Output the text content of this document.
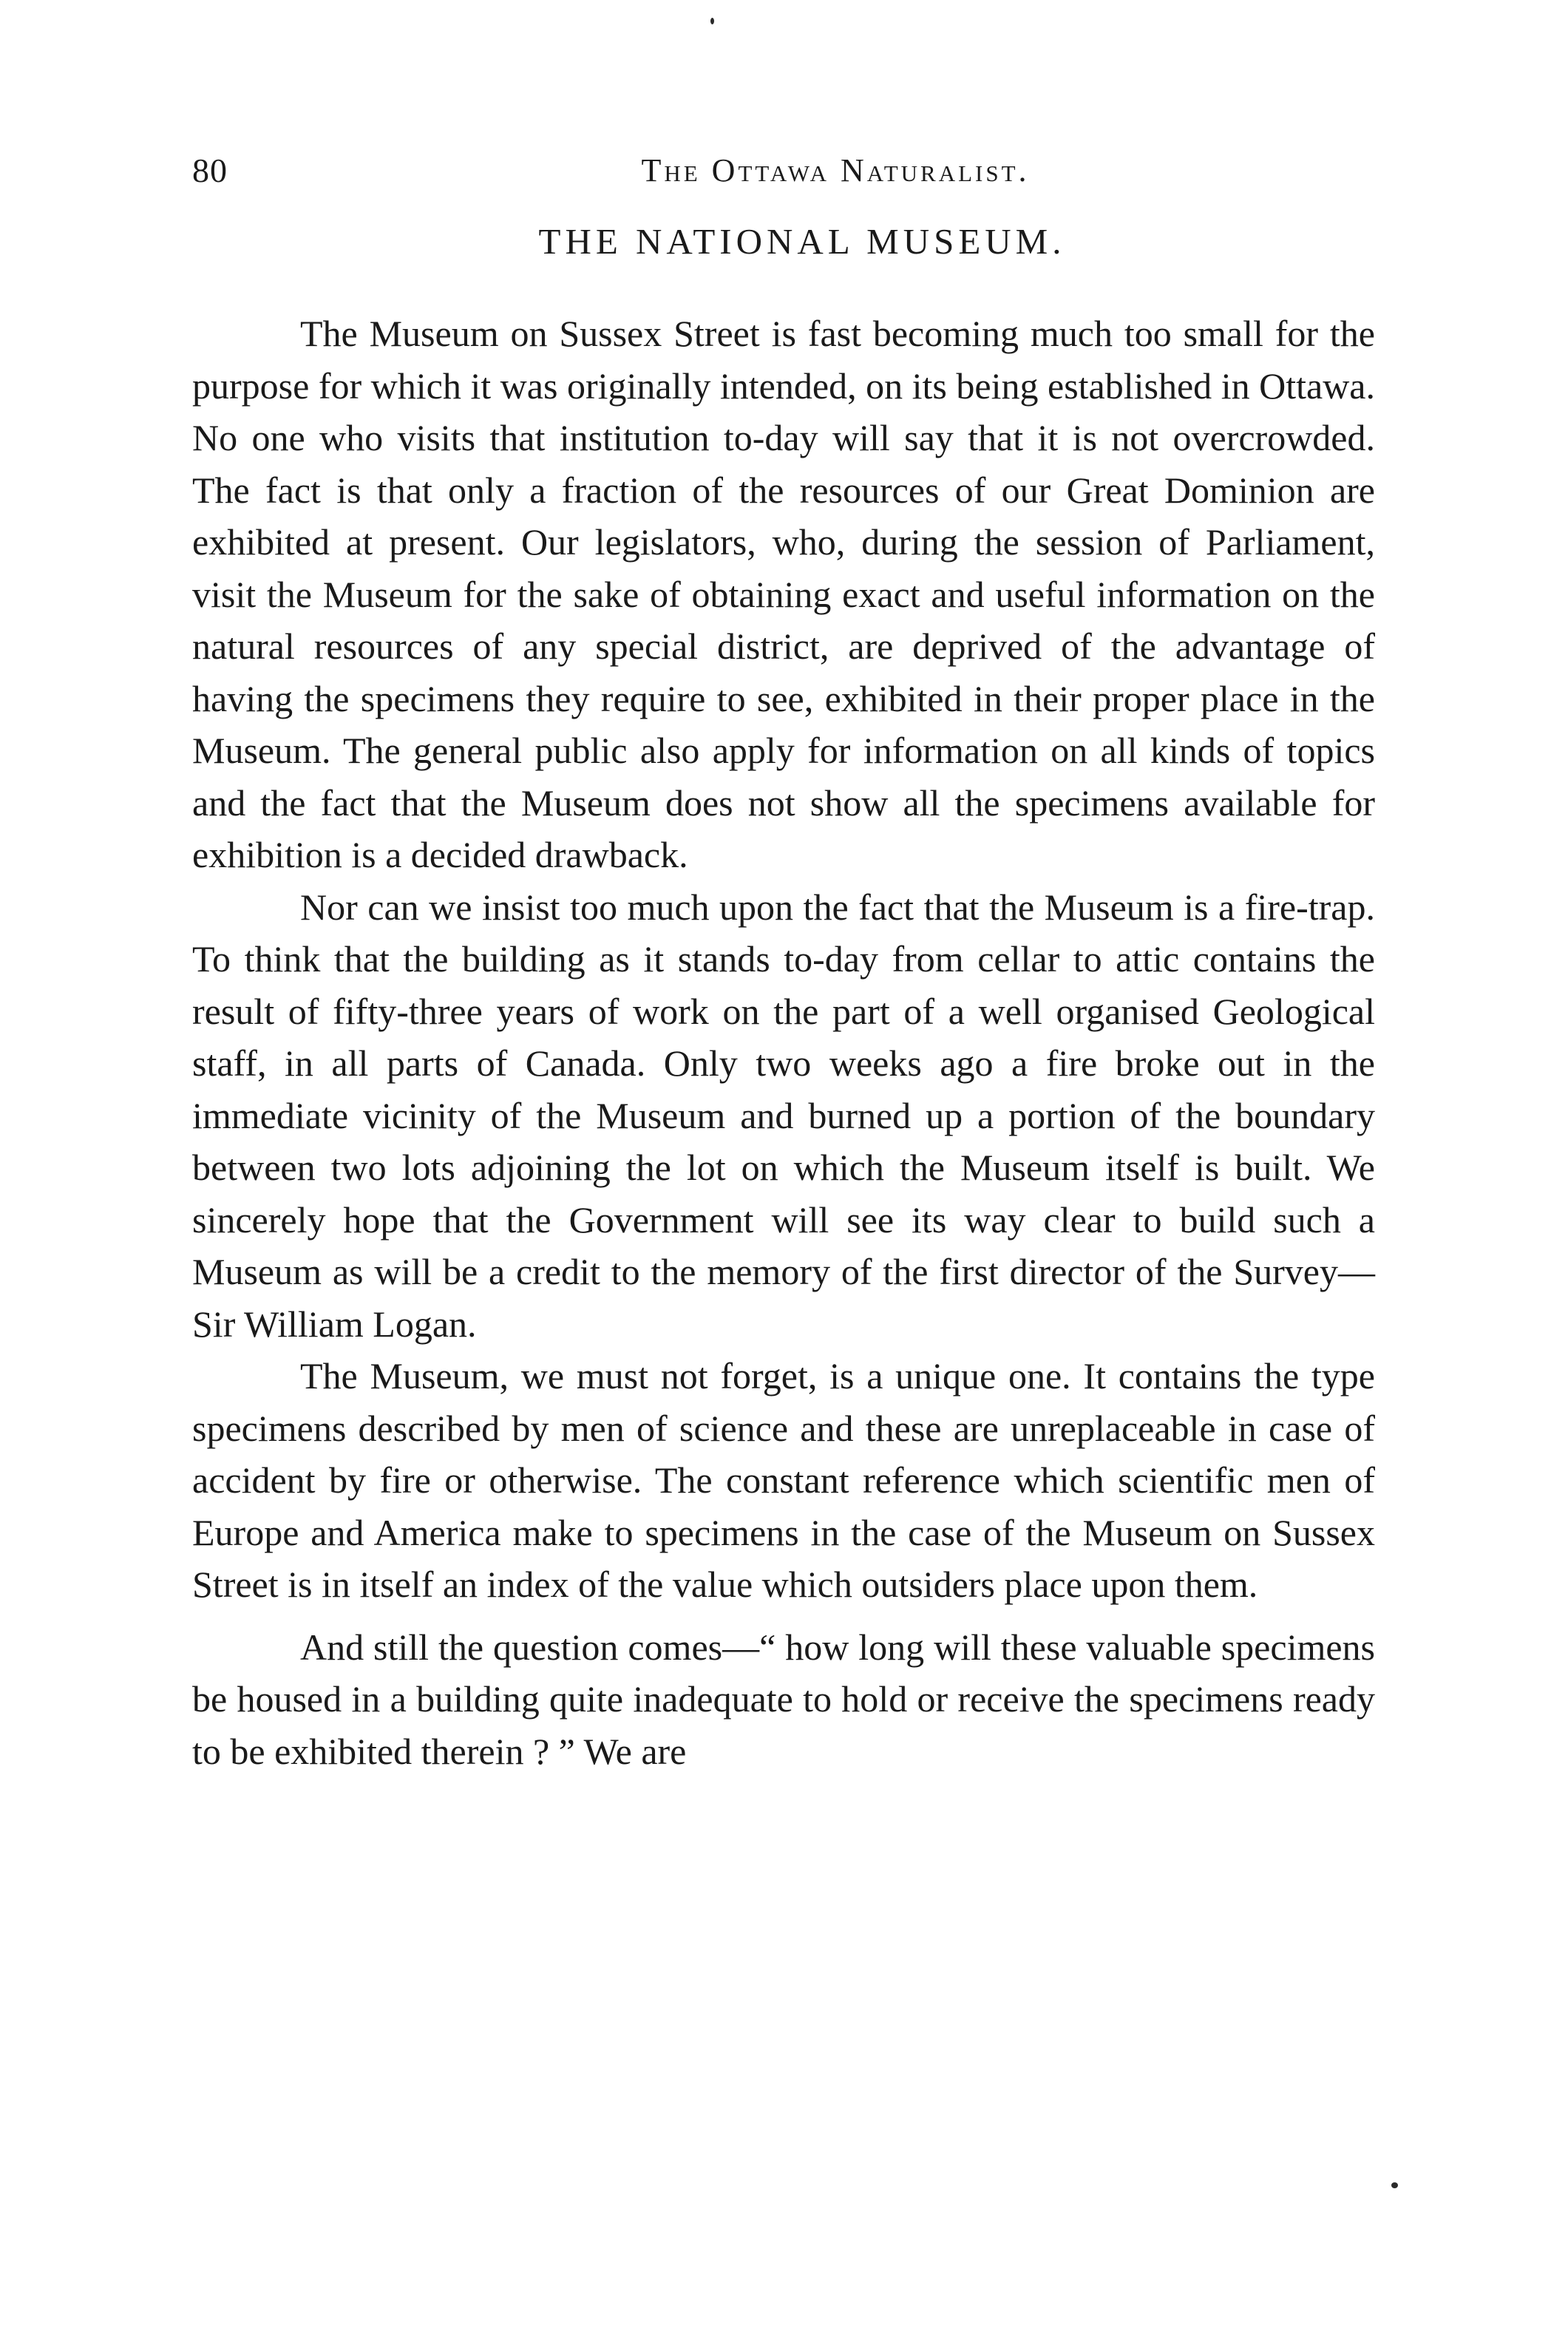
80	The Ottawa Naturalist.
THE NATIONAL MUSEUM.

The Museum on Sussex Street is fast becoming much too small for the purpose for which it was originally intended, on its being established in Ottawa. No one who visits that institution to-day will say that it is not overcrowded. The fact is that only a fraction of the resources of our Great Dominion are exhibited at present. Our legislators, who, during the session of Parliament, visit the Museum for the sake of obtaining exact and useful information on the natural resources of any special district, are deprived of the advantage of having the specimens they require to see, exhibited in their proper place in the Museum. The general public also apply for information on all kinds of topics and the fact that the Museum does not show all the specimens available for exhibition is a decided drawback.

Nor can we insist too much upon the fact that the Museum is a fire-trap. To think that the building as it stands to-day from cellar to attic contains the result of fifty-three years of work on the part of a well organised Geological staff, in all parts of Canada. Only two weeks ago a fire broke out in the immediate vicinity of the Museum and burned up a portion of the boundary between two lots adjoining the lot on which the Museum itself is built. We sincerely hope that the Government will see its way clear to build such a Museum as will be a credit to the memory of the first director of the Survey—Sir William Logan.

The Museum, we must not forget, is a unique one. It contains the type specimens described by men of science and these are unreplaceable in case of accident by fire or otherwise. The constant reference which scientific men of Europe and America make to specimens in the case of the Museum on Sussex Street is in itself an index of the value which outsiders place upon them.

And still the question comes—“ how long will these valuable specimens be housed in a building quite inadequate to hold or receive the specimens ready to be exhibited therein ? ” We are
